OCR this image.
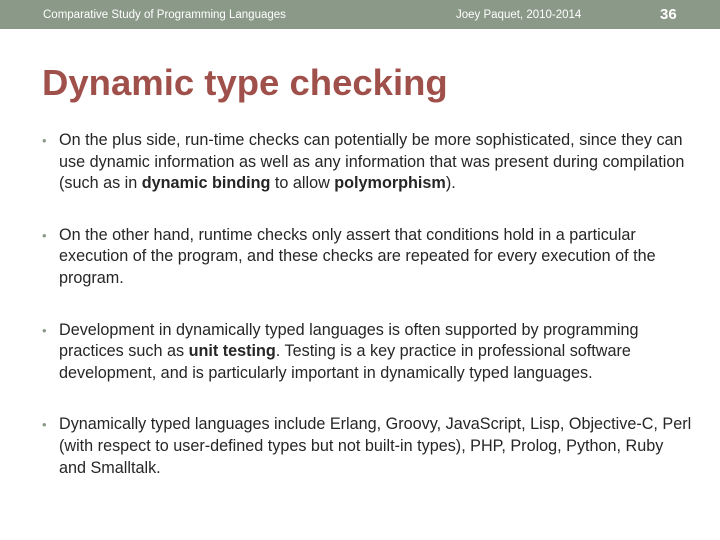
Comparative Study of Programming Languages	Joey Paquet, 2010-2014	36
Dynamic type checking
• On the plus side, run-time checks can potentially be more sophisticated, since they can use dynamic information as well as any information that was present during compilation (such as in dynamic binding to allow polymorphism).
• On the other hand, runtime checks only assert that conditions hold in a particular execution of the program, and these checks are repeated for every execution of the program.
• Development in dynamically typed languages is often supported by programming practices such as unit testing. Testing is a key practice in professional software development, and is particularly important in dynamically typed languages.
• Dynamically typed languages include Erlang, Groovy, JavaScript, Lisp, Objective-C, Perl (with respect to user-defined types but not built-in types), PHP, Prolog, Python, Ruby and Smalltalk.
